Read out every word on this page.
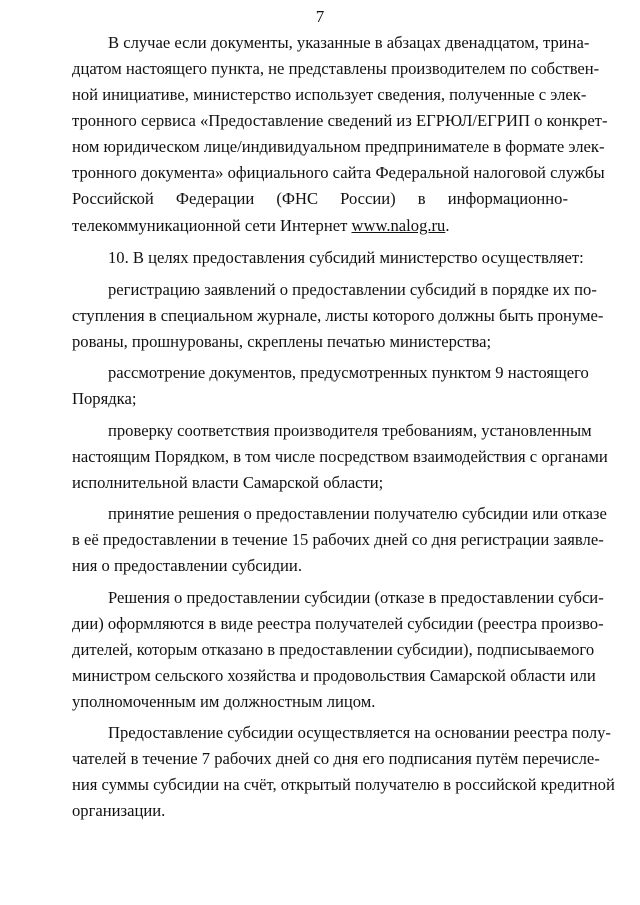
7
В случае если документы, указанные в абзацах двенадцатом, трина-
дцатом настоящего пункта, не представлены производителем по собствен-
ной инициативе, министерство использует сведения, полученные с элек-
тронного сервиса «Предоставление сведений из ЕГРЮЛ/ЕГРИП о конкрет-
ном юридическом лице/индивидуальном предпринимателе в формате элек-
тронного документа» официального сайта Федеральной налоговой службы
Российской Федерации (ФНС России) в информационно-
телекоммуникационной сети Интернет www.nalog.ru.
10. В целях предоставления субсидий министерство осуществляет:
регистрацию заявлений о предоставлении субсидий в порядке их по-
ступления в специальном журнале, листы которого должны быть пронуме-
рованы, прошнурованы, скреплены печатью министерства;
рассмотрение документов, предусмотренных пунктом 9 настоящего
Порядка;
проверку соответствия производителя требованиям, установленным
настоящим Порядком, в том числе посредством взаимодействия с органами
исполнительной власти Самарской области;
принятие решения о предоставлении получателю субсидии или отказе
в её предоставлении в течение 15 рабочих дней со дня регистрации заявле-
ния о предоставлении субсидии.
Решения о предоставлении субсидии (отказе в предоставлении субси-
дии) оформляются в виде реестра получателей субсидии (реестра произво-
дителей, которым отказано в предоставлении субсидии), подписываемого
министром сельского хозяйства и продовольствия Самарской области или
уполномоченным им должностным лицом.
Предоставление субсидии осуществляется на основании реестра полу-
чателей в течение 7 рабочих дней со дня его подписания путём перечисле-
ния суммы субсидии на счёт, открытый получателю в российской кредитной
организации.
